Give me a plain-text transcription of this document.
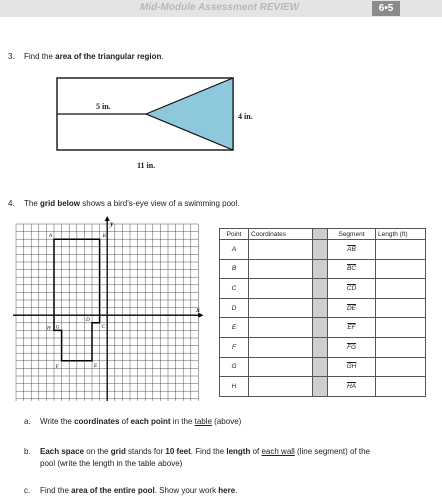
Mid-Module Assessment REVIEW	6•5
3. Find the area of the triangular region.
5 in.
4 in.
11 in.
4. The grid below shows a bird’s-eye view of a swimming pool.
x
y
A	B
C
D
E
F
G
H
Point	Coordinates		Segment	Length (ft)
A			$\overline{AB}$	
B			$\overline{BC}$	
C			$\overline{CD}$	
D			$\overline{DE}$	
E			$\overline{EF}$	
F			$\overline{FG}$	
G			$\overline{GH}$	
H			$\overline{HA}$	
a. Write the coordinates of each point in the table (above)
b. Each space on the grid stands for 10 feet. Find the length of each wall (line segment) of the
pool (write the length in the table above)
c. Find the area of the entire pool. Show your work here.
